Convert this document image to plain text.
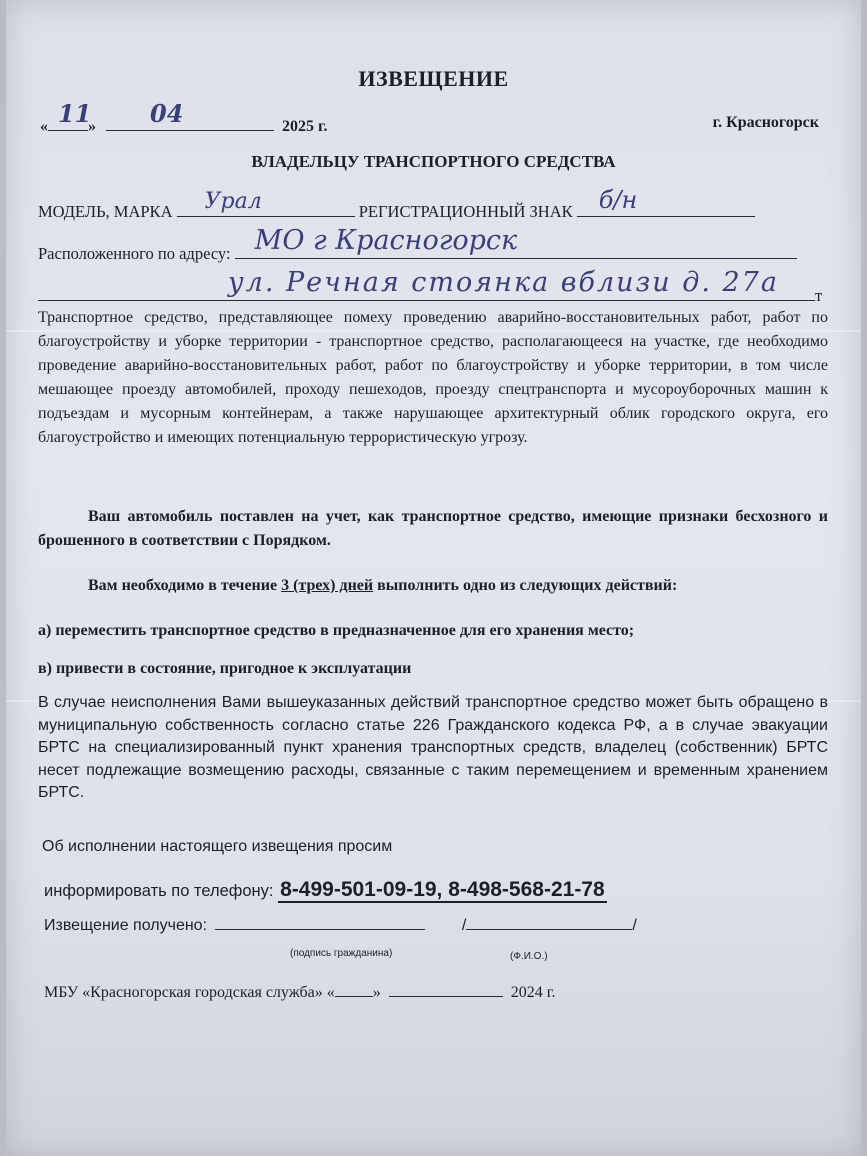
ИЗВЕЩЕНИЕ
« 11
» 04	2025 г.	г. Красногорск
ВЛАДЕЛЬЦУ ТРАНСПОРТНОГО СРЕДСТВА
МОДЕЛЬ, МАРКА Урал	РЕГИСТРАЦИОННЫЙ ЗНАК б/н
Расположенного по адресу: МО г Красногорск
ул. Речная стоянка вблизи д. 27а т
Транспортное средство, представляющее помеху проведению аварийно-восстановительных работ, работ по благоустройству и уборке территории - транспортное средство, располагающееся на участке, где необходимо проведение аварийно-восстановительных работ, работ по благоустройству и уборке территории, в том числе мешающее проезду автомобилей, проходу пешеходов, проезду спецтранспорта и мусороуборочных машин к подъездам и мусорным контейнерам, а также нарушающее архитектурный облик городского округа, его благоустройство и имеющих потенциальную террористическую угрозу.
Ваш автомобиль поставлен на учет, как транспортное средство, имеющие признаки бесхозного и брошенного в соответствии с Порядком.
Вам необходимо в течение 3 (трех) дней выполнить одно из следующих действий:
а) переместить транспортное средство в предназначенное для его хранения место;
в) привести в состояние, пригодное к эксплуатации
В случае неисполнения Вами вышеуказанных действий транспортное средство может быть обращено в муниципальную собственность согласно статье 226 Гражданского кодекса РФ, а в случае эвакуации БРТС на специализированный пункт хранения транспортных средств, владелец (собственник) БРТС несет подлежащие возмещению расходы, связанные с таким перемещением и временным хранением БРТС.
Об исполнении настоящего извещения просим
информировать по телефону: 8-499-501-09-19, 8-498-568-21-78
Извещение получено:	/	/
(подпись гражданина)	(Ф.И.О.)
МБУ «Красногорская городская служба» « »	2024 г.
